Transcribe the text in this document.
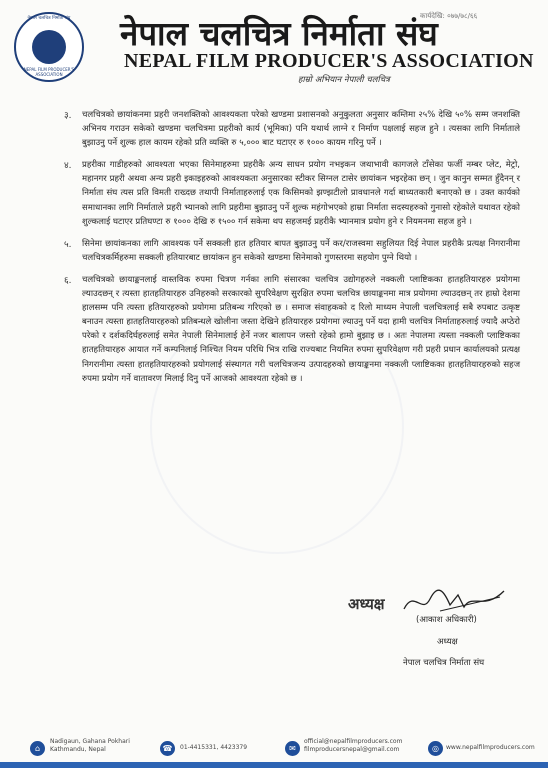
नेपाल चलचित्र निर्माता संघ
NEPAL FILM PRODUCER'S ASSOCIATION
कार्यदेखि: ०७७/७८/६६
नेपाल चलचित्र निर्माता संघ
NEPAL FILM PRODUCER'S ASSOCIATION
हाम्रो अभियान नेपाली चलचित्र
३. चलचित्रको छायांकनमा प्रहरी जनशक्तिको आवश्यकता परेको खण्डमा प्रशासनको अनुकुलता अनुसार कम्तिमा २५% देखि ५०% सम्म जनशक्ति अभिनय गराउन सकेको खण्डमा चलचित्रमा प्रहरीको कार्य (भूमिका) पनि यथार्थ लाग्ने र निर्माण पक्षलाई सहज हुने । त्यसका लागि निर्माताले बुझाउनु पर्ने शुल्क हाल कायम रहेको प्रति व्यक्ति रु ५,००० बाट घटाएर रु १००० कायम गरिनु पर्ने ।
४. प्रहरीका गाडीहरुको आवश्यता भएका सिनेमाहरुमा प्रहरीकै अन्य साधन प्रयोग नभइकन जथाभावी कागजले टाँसेका फर्जी नम्बर प्लेट, मेट्रो, महानगर प्रहरी अथवा अन्य प्रहरी इकाइहरुको आवश्यकता अनुसारका स्टीकर सिग्नल टासेर छायांकन भइरहेका छन् । जुन कानुन सम्मत हुँदैनन् र निर्माता संघ त्यस प्रति विमती राख्दछ तथापी निर्माताहरुलाई एक किसिमको झण्झटीलो प्रावधानले गर्दा बाध्यतकारी बनाएको छ । उक्त कार्यको समाधानका लागि निर्माताले प्रहरी भ्यानको लागि प्रहरीमा बुझाउनु पर्ने शुल्क महंगोभएको हाम्रा निर्माता सदस्यहरुको गुनासो रहेकोले यथावत रहेको शुल्कलाई घटाएर प्रतिघण्टा रु १००० देखि रु १५०० गर्न सकेमा थप सहजमई प्रहरीकै भ्यानमात्र प्रयोग हुने र नियमनमा सहज हुने ।
५. सिनेमा छायांकनका लागि आवश्यक पर्ने सक्कली हात हतियार बापत बुझाउनु पर्ने कर/राजस्वमा सहुलियत दिई नेपाल प्रहरीकै प्रत्यक्ष निगरानीमा चलचित्रकर्मिहरुमा सक्कली हतियारबाट छायांकन हुन सकेको खण्डमा सिनेमाको गुणस्तरमा सहयोग पुग्ने थियो ।
६. चलचित्रको छायाङ्कनलाई वास्तविक रुपमा चित्रण गर्नका लागि संसारका चलचित्र उद्योगहरुले नक्कली प्लाष्टिकका हातहतियारहरु प्रयोगमा ल्याउदछन् र त्यस्ता हातहतियारहरु उनिहरुको सरकारको सुपरिवेक्षण सुरक्षित रुपमा चलचित्र छायाङ्कनमा मात्र प्रयोगमा ल्याउदछन् तर हाम्रो देशमा हालसम्म पनि त्यस्ता हतियारहरुको प्रयोगमा प्रतिबन्ध गरिएको छ । समाज संवाहकको द रिलो माध्यम नेपाली चलचित्रलाई सबै रुपबाट उत्कृष्ट बनाउन त्यस्ता हातहतियारहरुको प्रतिबन्धले खोलीना जस्ता देखिने हतियारहरु प्रयोगमा ल्याउनु पर्ने यदा हामी चलचित्र निर्माताहरुलाई ज्यादै अप्ठेरो परेको र दर्शकदिर्घहरुलाई समेत नेपाली सिनेमालाई हेर्ने नजर बालापन जस्तो रहेको हामो बुझाइ छ । अतः नेपालमा त्यस्ता नक्कली प्लाष्टिकका हातहतियारहरु आयात गर्ने कम्पनिलाई निश्चित नियम परिधि भित्र राखि राज्यबाट नियमित रुपमा सुपरिवेक्षण गरी प्रहरी प्रधान कार्यालयको प्रत्यक्ष निगरानीमा त्यस्ता हातहतियारहरुको प्रयोगलाई संस्थागत गरी चलचित्रजन्य उत्पादहरुको छायाङ्कनमा नक्कली प्लाष्टिकका हातहतियारहरुको सहज रुपमा प्रयोग गर्ने वातावरण मिलाई दिनु पर्ने आजको आवश्यता रहेको छ ।
अध्यक्ष
(आकाश अधिकारी)
अध्यक्ष
नेपाल चलचित्र निर्माता संघ
⌂
Nadigaun, Gahana Pokhari
Kathmandu, Nepal	☎	01-4415331, 4423379	✉
official@nepalfilmproducers.com
filmproducersnepal@gmail.com	◎	www.nepalfilmproducers.com
